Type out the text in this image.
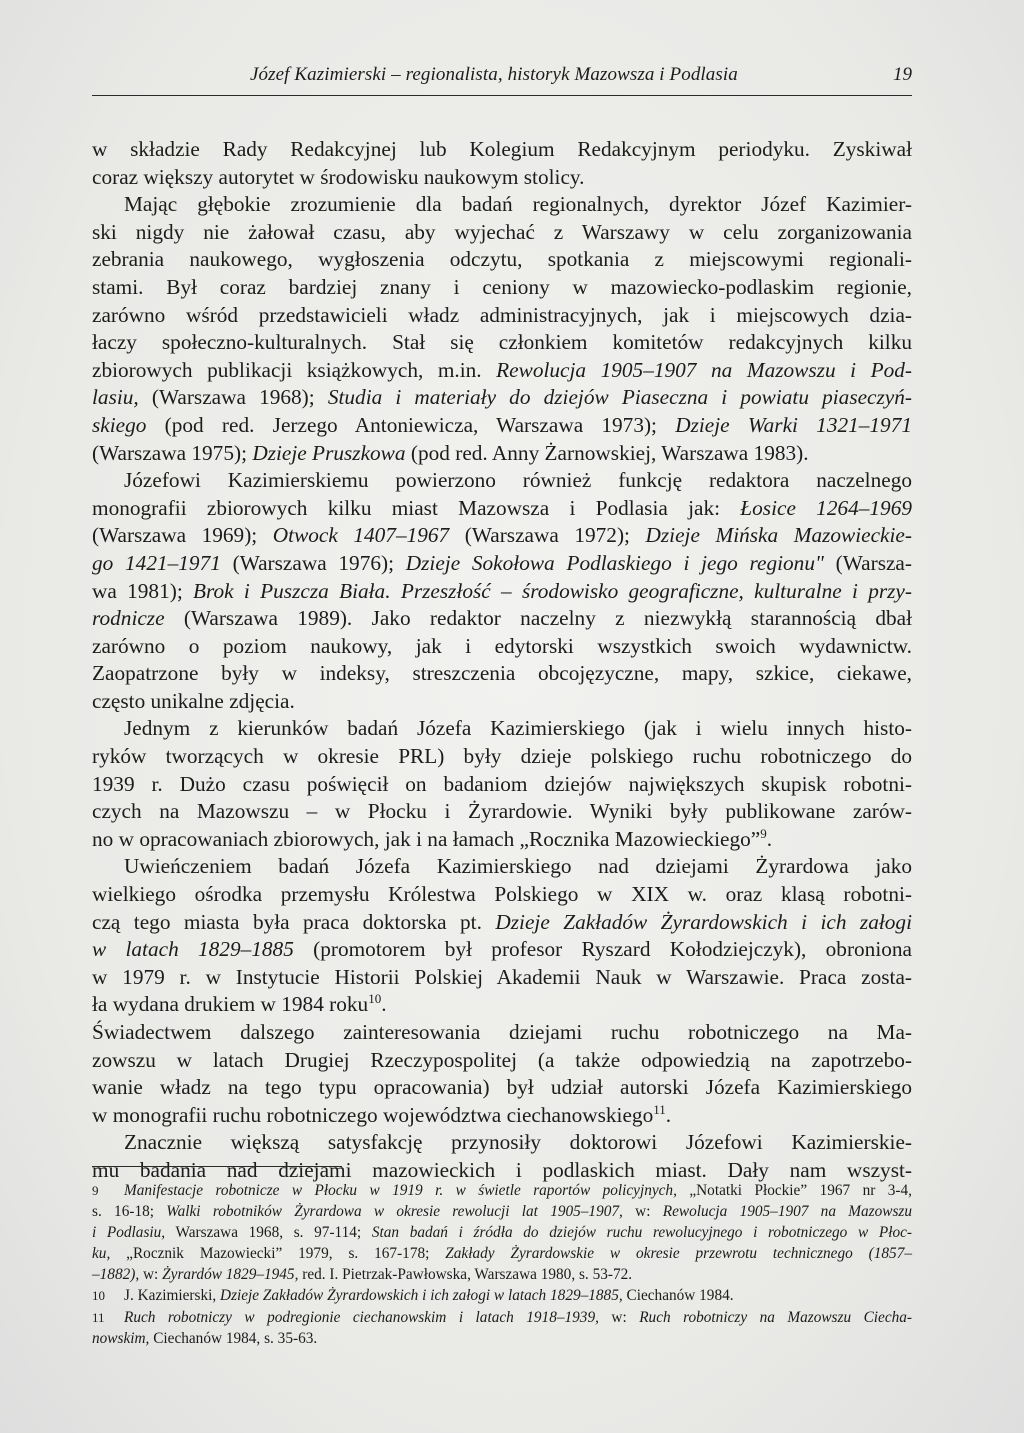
Józef Kazimierski – regionalista, historyk Mazowsza i Podlasia	19

w składzie Rady Redakcyjnej lub Kolegium Redakcyjnym periodyku. Zyskiwał
coraz większy autorytet w środowisku naukowym stolicy.

Mając głębokie zrozumienie dla badań regionalnych, dyrektor Józef Kazimier-
ski nigdy nie żałował czasu, aby wyjechać z Warszawy w celu zorganizowania
zebrania naukowego, wygłoszenia odczytu, spotkania z miejscowymi regionali-
stami. Był coraz bardziej znany i ceniony w mazowiecko-podlaskim regionie,
zarówno wśród przedstawicieli władz administracyjnych, jak i miejscowych dzia-
łaczy społeczno-kulturalnych. Stał się członkiem komitetów redakcyjnych kilku
zbiorowych publikacji książkowych, m.in. Rewolucja 1905–1907 na Mazowszu i Pod-
lasiu, (Warszawa 1968); Studia i materiały do dziejów Piaseczna i powiatu piaseczyń-
skiego (pod red. Jerzego Antoniewicza, Warszawa 1973); Dzieje Warki 1321–1971
(Warszawa 1975); Dzieje Pruszkowa (pod red. Anny Żarnowskiej, Warszawa 1983).

Józefowi Kazimierskiemu powierzono również funkcję redaktora naczelnego
monografii zbiorowych kilku miast Mazowsza i Podlasia jak: Łosice 1264–1969
(Warszawa 1969); Otwock 1407–1967 (Warszawa 1972); Dzieje Mińska Mazowieckie-
go 1421–1971 (Warszawa 1976); Dzieje Sokołowa Podlaskiego i jego regionu" (Warsza-
wa 1981); Brok i Puszcza Biała. Przeszłość – środowisko geograficzne, kulturalne i przy-
rodnicze (Warszawa 1989). Jako redaktor naczelny z niezwykłą starannością dbał
zarówno o poziom naukowy, jak i edytorski wszystkich swoich wydawnictw.
Zaopatrzone były w indeksy, streszczenia obcojęzyczne, mapy, szkice, ciekawe,
często unikalne zdjęcia.

Jednym z kierunków badań Józefa Kazimierskiego (jak i wielu innych histo-
ryków tworzących w okresie PRL) były dzieje polskiego ruchu robotniczego do
1939 r. Dużo czasu poświęcił on badaniom dziejów największych skupisk robotni-
czych na Mazowszu – w Płocku i Żyrardowie. Wyniki były publikowane zarów-
no w opracowaniach zbiorowych, jak i na łamach „Rocznika Mazowieckiego”$^9$.

Uwieńczeniem badań Józefa Kazimierskiego nad dziejami Żyrardowa jako
wielkiego ośrodka przemysłu Królestwa Polskiego w XIX w. oraz klasą robotni-
czą tego miasta była praca doktorska pt. Dzieje Zakładów Żyrardowskich i ich załogi
w latach 1829–1885 (promotorem był profesor Ryszard Kołodziejczyk), obroniona
w 1979 r. w Instytucie Historii Polskiej Akademii Nauk w Warszawie. Praca zosta-
ła wydana drukiem w 1984 roku$^{10}$.

Świadectwem dalszego zainteresowania dziejami ruchu robotniczego na Ma-
zowszu w latach Drugiej Rzeczypospolitej (a także odpowiedzią na zapotrzebo-
wanie władz na tego typu opracowania) był udział autorski Józefa Kazimierskiego
w monografii ruchu robotniczego województwa ciechanowskiego$^{11}$.

Znacznie większą satysfakcję przynosiły doktorowi Józefowi Kazimierskie-
mu badania nad dziejami mazowieckich i podlaskich miast. Dały nam wszyst-

9 Manifestacje robotnicze w Płocku w 1919 r. w świetle raportów policyjnych, „Notatki Płockie” 1967 nr 3-4,
s. 16-18; Walki robotników Żyrardowa w okresie rewolucji lat 1905–1907, w: Rewolucja 1905–1907 na Mazowszu
i Podlasiu, Warszawa 1968, s. 97-114; Stan badań i źródła do dziejów ruchu rewolucyjnego i robotniczego w Płoc-
ku, „Rocznik Mazowiecki” 1979, s. 167-178; Zakłady Żyrardowskie w okresie przewrotu technicznego (1857–
–1882), w: Żyrardów 1829–1945, red. I. Pietrzak-Pawłowska, Warszawa 1980, s. 53-72.
10 J. Kazimierski, Dzieje Zakładów Żyrardowskich i ich załogi w latach 1829–1885, Ciechanów 1984.
11 Ruch robotniczy w podregionie ciechanowskim i latach 1918–1939, w: Ruch robotniczy na Mazowszu Ciecha-
nowskim, Ciechanów 1984, s. 35-63.
